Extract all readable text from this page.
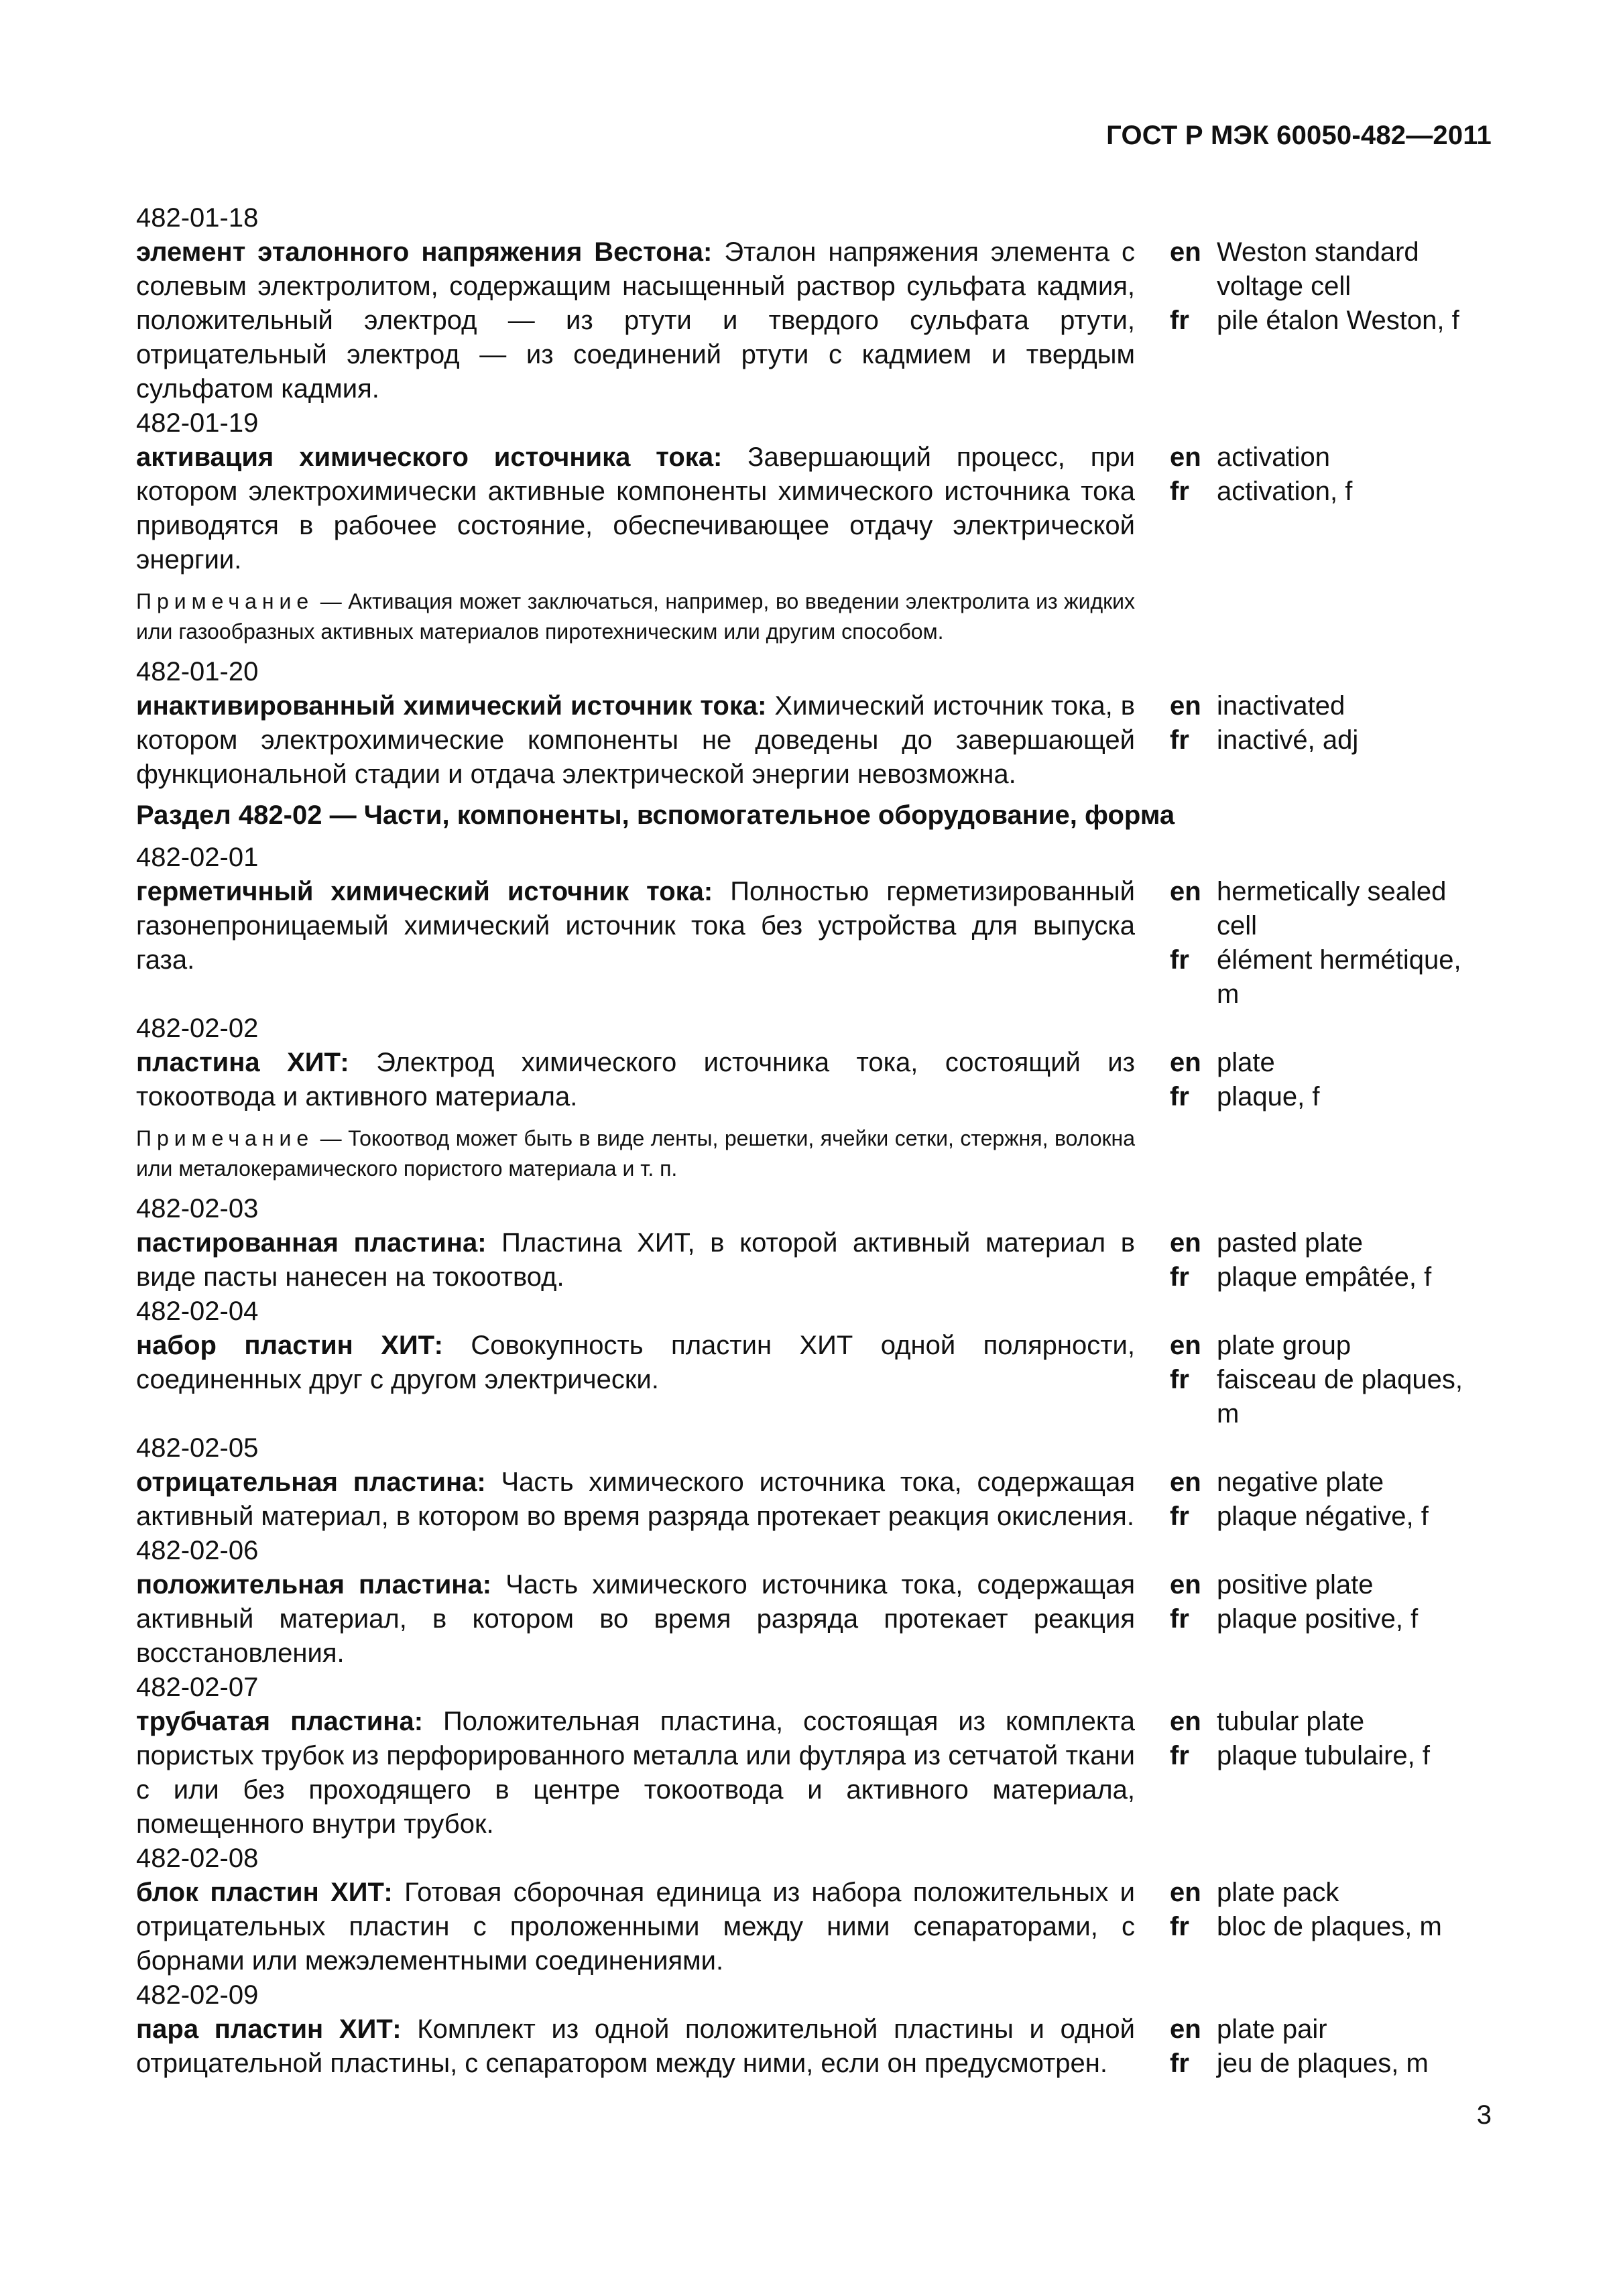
ГОСТ Р МЭК 60050-482—2011
482-01-18
элемент эталонного напряжения Вестона: Эталон напряжения элемента с солевым электролитом, содержащим насыщенный раствор сульфата кадмия, положительный электрод — из ртути и твердого сульфата ртути, отрицательный электрод — из соединений ртути с кадмием и твердым сульфатом кадмия.
en Weston standard voltage cell
fr	pile étalon Weston, f
482-01-19
активация химического источника тока: Завершающий процесс, при котором электрохимически активные компоненты химического источника тока приводятся в рабочее состояние, обеспечивающее отдачу электрической энергии.
en activation
fr	activation, f
Примечание — Активация может заключаться, например, во введении электролита из жидких или газообразных активных материалов пиротехническим или другим способом.
482-01-20
инактивированный химический источник тока: Химический источник тока, в котором электрохимические компоненты не доведены до завершающей функциональной стадии и отдача электрической энергии невозможна.
en inactivated
fr	inactivé, adj
Раздел 482-02 — Части, компоненты, вспомогательное оборудование, форма
482-02-01
герметичный химический источник тока: Полностью герметизированный газонепроницаемый химический источник тока без устройства для выпуска газа.
en hermetically sealed cell
fr	élément hermétique, m
482-02-02
пластина ХИТ: Электрод химического источника тока, состоящий из токоотвода и активного материала.
en plate
fr	plaque, f
Примечание — Токоотвод может быть в виде ленты, решетки, ячейки сетки, стержня, волокна или металокерамического пористого материала и т. п.
482-02-03
пастированная пластина: Пластина ХИТ, в которой активный материал в виде пасты нанесен на токоотвод.
en pasted plate
fr	plaque empâtée, f
482-02-04
набор пластин ХИТ: Совокупность пластин ХИТ одной полярности, соединенных друг с другом электрически.
en plate group
fr	faisceau de plaques, m
482-02-05
отрицательная пластина: Часть химического источника тока, содержащая активный материал, в котором во время разряда протекает реакция окисления.
en negative plate
fr	plaque négative, f
482-02-06
положительная пластина: Часть химического источника тока, содержащая активный материал, в котором во время разряда протекает реакция восстановления.
en positive plate
fr	plaque positive, f
482-02-07
трубчатая пластина: Положительная пластина, состоящая из комплекта пористых трубок из перфорированного металла или футляра из сетчатой ткани с или без проходящего в центре токоотвода и активного материала, помещенного внутри трубок.
en tubular plate
fr	plaque tubulaire, f
482-02-08
блок пластин ХИТ: Готовая сборочная единица из набора положительных и отрицательных пластин с проложенными между ними сепараторами, с борнами или межэлементными соединениями.
en plate pack
fr	bloc de plaques, m
482-02-09
пара пластин ХИТ: Комплект из одной положительной пластины и одной отрицательной пластины, с сепаратором между ними, если он предусмотрен.
en plate pair
fr	jeu de plaques, m
3
